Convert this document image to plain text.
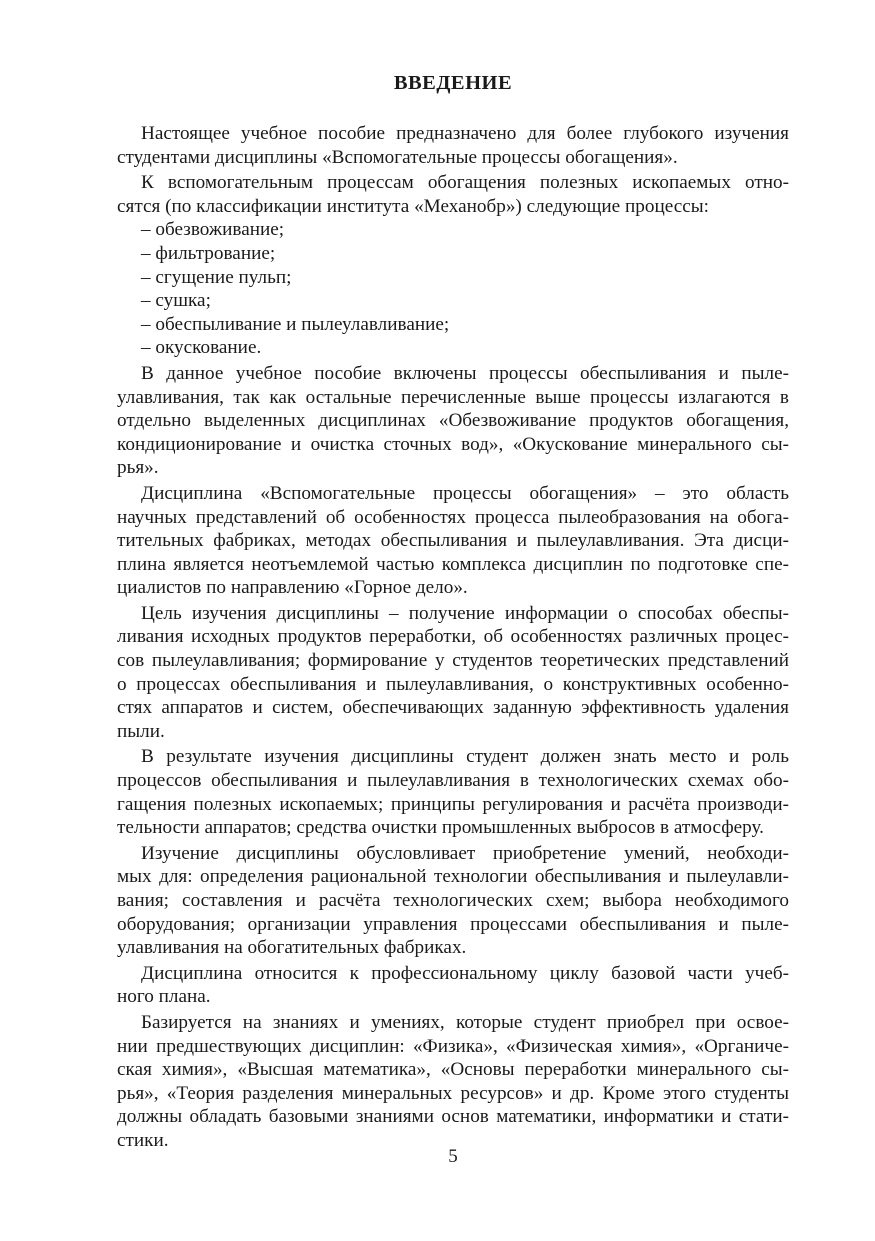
ВВЕДЕНИЕ
Настоящее учебное пособие предназначено для более глубокого изучения
студентами дисциплины «Вспомогательные процессы обогащения».
К вспомогательным процессам обогащения полезных ископаемых отно-
сятся (по классификации института «Механобр») следующие процессы:
– обезвоживание;
– фильтрование;
– сгущение пульп;
– сушка;
– обеспыливание и пылеулавливание;
– окускование.
В данное учебное пособие включены процессы обеспыливания и пыле-
улавливания, так как остальные перечисленные выше процессы излагаются в
отдельно выделенных дисциплинах «Обезвоживание продуктов обогащения,
кондиционирование и очистка сточных вод», «Окускование минерального сы-
рья».
Дисциплина «Вспомогательные процессы обогащения» – это область
научных представлений об особенностях процесса пылеобразования на обога-
тительных фабриках, методах обеспыливания и пылеулавливания. Эта дисци-
плина является неотъемлемой частью комплекса дисциплин по подготовке спе-
циалистов по направлению «Горное дело».
Цель изучения дисциплины – получение информации о способах обеспы-
ливания исходных продуктов переработки, об особенностях различных процес-
сов пылеулавливания; формирование у студентов теоретических представлений
о процессах обеспыливания и пылеулавливания, о конструктивных особенно-
стях аппаратов и систем, обеспечивающих заданную эффективность удаления
пыли.
В результате изучения дисциплины студент должен знать место и роль
процессов обеспыливания и пылеулавливания в технологических схемах обо-
гащения полезных ископаемых; принципы регулирования и расчёта производи-
тельности аппаратов; средства очистки промышленных выбросов в атмосферу.
Изучение дисциплины обусловливает приобретение умений, необходи-
мых для: определения рациональной технологии обеспыливания и пылеулавли-
вания; составления и расчёта технологических схем; выбора необходимого
оборудования; организации управления процессами обеспыливания и пыле-
улавливания на обогатительных фабриках.
Дисциплина относится к профессиональному циклу базовой части учеб-
ного плана.
Базируется на знаниях и умениях, которые студент приобрел при освое-
нии предшествующих дисциплин: «Физика», «Физическая химия», «Органиче-
ская химия», «Высшая математика», «Основы переработки минерального сы-
рья», «Теория разделения минеральных ресурсов» и др. Кроме этого студенты
должны обладать базовыми знаниями основ математики, информатики и стати-
стики.
5
